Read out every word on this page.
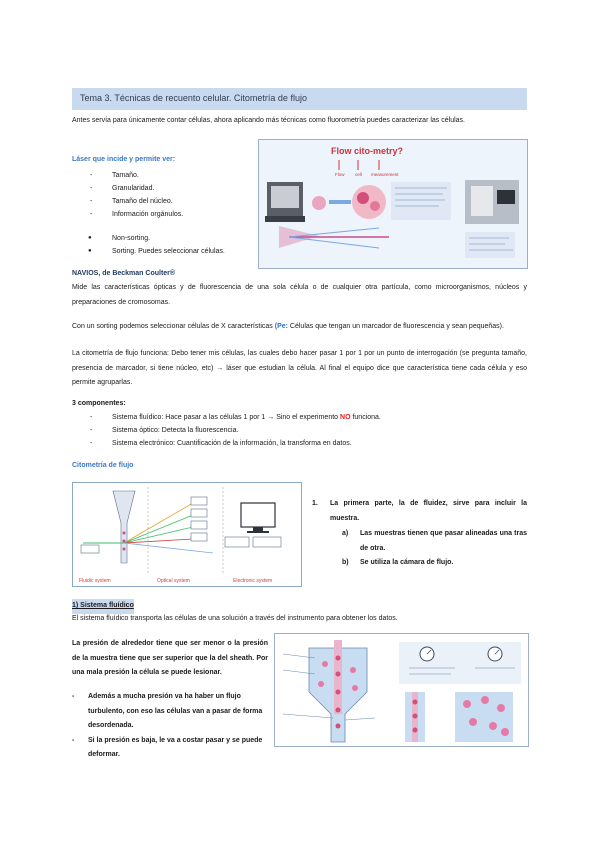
Tema 3. Técnicas de recuento celular. Citometría de flujo

Antes servía para únicamente contar células, ahora aplicando más técnicas como fluorometría puedes caracterizar las células.

Láser que incide y permite ver:

- Tamaño.
- Granularidad.
- Tamaño del núcleo.
- Información orgánulos.
● Non-sorting.
● Sorting. Puedes seleccionar células.
Flow cito-metry?
Flow cell measurement

NAVIOS, de Beckman Coulter®

Mide las características ópticas y de fluorescencia de una sola célula o de cualquier otra partícula, como microorganismos, núcleos y preparaciones de cromosomas.

Con un sorting podemos seleccionar células de X características (Pe: Células que tengan un marcador de fluorescencia y sean pequeñas).

La citometría de flujo funciona: Debo tener mis células, las cuales debo hacer pasar 1 por 1 por un punto de interrogación (se pregunta tamaño, presencia de marcador, si tiene núcleo, etc) → láser que estudian la célula. Al final el equipo dice que característica tiene cada célula y eso permite agruparlas.

3 componentes:

- Sistema fluídico: Hace pasar a las células 1 por 1 → Sino el experimento NO funciona.
- Sistema óptico: Detecta la fluorescencia.
- Sistema electrónico: Cuantificación de la información, la transforma en datos.

Citometría de flujo

Fluidic system	Optical system	Electronic system

1.	La primera parte, la de fluidez, sirve para incluir la muestra.

a)	Las muestras tienen que pasar alineadas una tras de otra.

b)	Se utiliza la cámara de flujo.

1) Sistema fluídico

El sistema fluídico transporta las células de una solución a través del instrumento para obtener los datos.

La presión de alrededor tiene que ser menor o la presión de la muestra tiene que ser superior que la del sheath. Por una mala presión la célula se puede lesionar.

-	Además a mucha presión va ha haber un flujo turbulento, con eso las células van a pasar de forma desordenada.

-	Si la presión es baja, le va a costar pasar y se puede deformar.
